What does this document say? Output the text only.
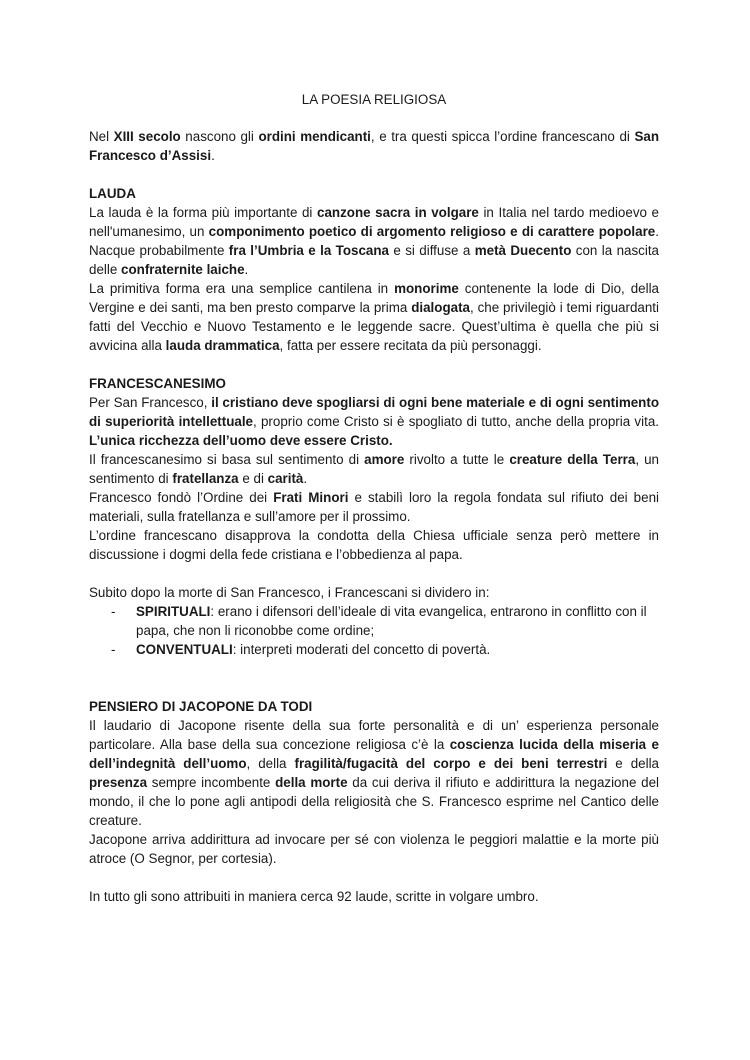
LA POESIA RELIGIOSA

Nel XIII secolo nascono gli ordini mendicanti, e tra questi spicca l’ordine francescano di San Francesco d’Assisi.

LAUDA

La lauda è la forma più importante di canzone sacra in volgare in Italia nel tardo medioevo e nell'umanesimo, un componimento poetico di argomento religioso e di carattere popolare. Nacque probabilmente fra l’Umbria e la Toscana e si diffuse a metà Duecento con la nascita delle confraternite laiche.

La primitiva forma era una semplice cantilena in monorime contenente la lode di Dio, della Vergine e dei santi, ma ben presto comparve la prima dialogata, che privilegiò i temi riguardanti fatti del Vecchio e Nuovo Testamento e le leggende sacre. Quest’ultima è quella che più si avvicina alla lauda drammatica, fatta per essere recitata da più personaggi.

FRANCESCANESIMO

Per San Francesco, il cristiano deve spogliarsi di ogni bene materiale e di ogni sentimento di superiorità intellettuale, proprio come Cristo si è spogliato di tutto, anche della propria vita. L’unica ricchezza dell’uomo deve essere Cristo.

Il francescanesimo si basa sul sentimento di amore rivolto a tutte le creature della Terra, un sentimento di fratellanza e di carità.

Francesco fondò l’Ordine dei Frati Minori e stabilì loro la regola fondata sul rifiuto dei beni materiali, sulla fratellanza e sull’amore per il prossimo.

L’ordine francescano disapprova la condotta della Chiesa ufficiale senza però mettere in discussione i dogmi della fede cristiana e l’obbedienza al papa.

Subito dopo la morte di San Francesco, i Francescani si dividero in:

- SPIRITUALI: erano i difensori dell’ideale di vita evangelica, entrarono in conflitto con il papa, che non li riconobbe come ordine;
- CONVENTUALI: interpreti moderati del concetto di povertà.
PENSIERO DI JACOPONE DA TODI

Il laudario di Jacopone risente della sua forte personalità e di un’ esperienza personale particolare. Alla base della sua concezione religiosa c’è la coscienza lucida della miseria e dell’indegnità dell’uomo, della fragilità/fugacità del corpo e dei beni terrestri e della presenza sempre incombente della morte da cui deriva il rifiuto e addirittura la negazione del mondo, il che lo pone agli antipodi della religiosità che S. Francesco esprime nel Cantico delle creature.

Jacopone arriva addirittura ad invocare per sé con violenza le peggiori malattie e la morte più atroce (O Segnor, per cortesia).

In tutto gli sono attribuiti in maniera cerca 92 laude, scritte in volgare umbro.
